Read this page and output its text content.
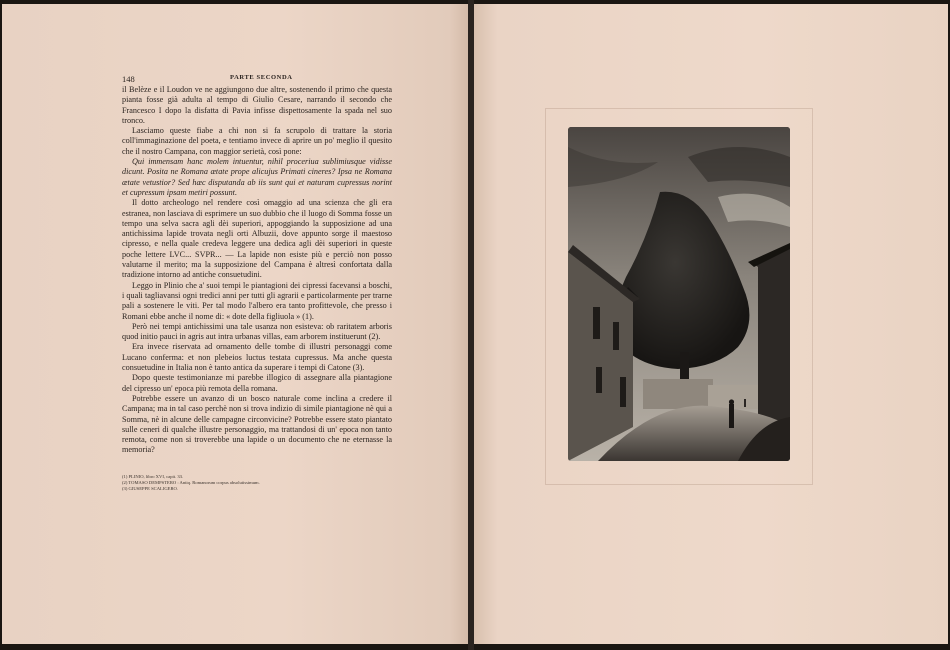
148	PARTE SECONDA

il Belèze e il Loudon ve ne aggiungono due altre, sostenendo il primo che questa pianta fosse già adulta al tempo di Giulio Cesare, narrando il secondo che Francesco I dopo la disfatta di Pavia infisse dispettosamente la spada nel suo tronco.

Lasciamo queste fiabe a chi non si fa scrupolo di trattare la storia coll'immaginazione del poeta, e tentiamo invece di aprire un po' meglio il quesito che il nostro Campana, con maggior serietà, così pone:

Qui immensam hanc molem intuentur, nihil proceriua sublimiusque vidisse dicunt. Posita ne Romana ætate prope alicujus Primati cineres? Ipsa ne Romana ætate vetustior? Sed hæc disputanda ab iis sunt qui et naturam cupressus norint et cupressum ipsam metiri possunt.

Il dotto archeologo nel rendere così omaggio ad una scienza che gli era estranea, non lasciava di esprimere un suo dubbio che il luogo di Somma fosse un tempo una selva sacra agli dèi superiori, appoggiando la supposizione ad una antichissima lapide trovata negli orti Albuzii, dove appunto sorge il maestoso cipresso, e nella quale credeva leggere una dedica agli dèi superiori in queste poche lettere LVC... SVPR... — La lapide non esiste più e perciò non posso valutarne il merito; ma la supposizione del Campana è altresì confortata dalla tradizione intorno ad antiche consuetudini.

Leggo in Plinio che a' suoi tempi le piantagioni dei cipressi facevansi a boschi, i quali tagliavansi ogni tredici anni per tutti gli agrarii e particolarmente per trarne pali a sostenere le viti. Per tal modo l'albero era tanto profittevole, che presso i Romani ebbe anche il nome di: « dote della figliuola » (1).

Però nei tempi antichissimi una tale usanza non esisteva: ob raritatem arboris quod initio pauci in agris aut intra urbanas villas, eam arborem instituerunt (2).

Era invece riservata ad ornamento delle tombe di illustri personaggi come Lucano conferma: et non plebeios luctus testata cupressus. Ma anche questa consuetudine in Italia non è tanto antica da superare i tempi di Catone (3).

Dopo queste testimonianze mi parebbe illogico di assegnare alla piantagione del cipresso un' epoca più remota della romana.

Potrebbe essere un avanzo di un bosco naturale come inclina a credere il Campana; ma in tal caso perchè non si trova indizio di simile piantagione nè qui a Somma, nè in alcune delle campagne circonvicine? Potrebbe essere stato piantato sulle ceneri di qualche illustre personaggio, ma trattandosi di un' epoca non tanto remota, come non si troverebbe una lapide o un documento che ne eternasse la memoria?

(1) PLINIO, libro XVI, capit. 33.
(2) TOMASO DEMPSTERO : Antiq. Romanorum corpus absolutissimum.
(3) GIUSEPPE SCALIGERO.
